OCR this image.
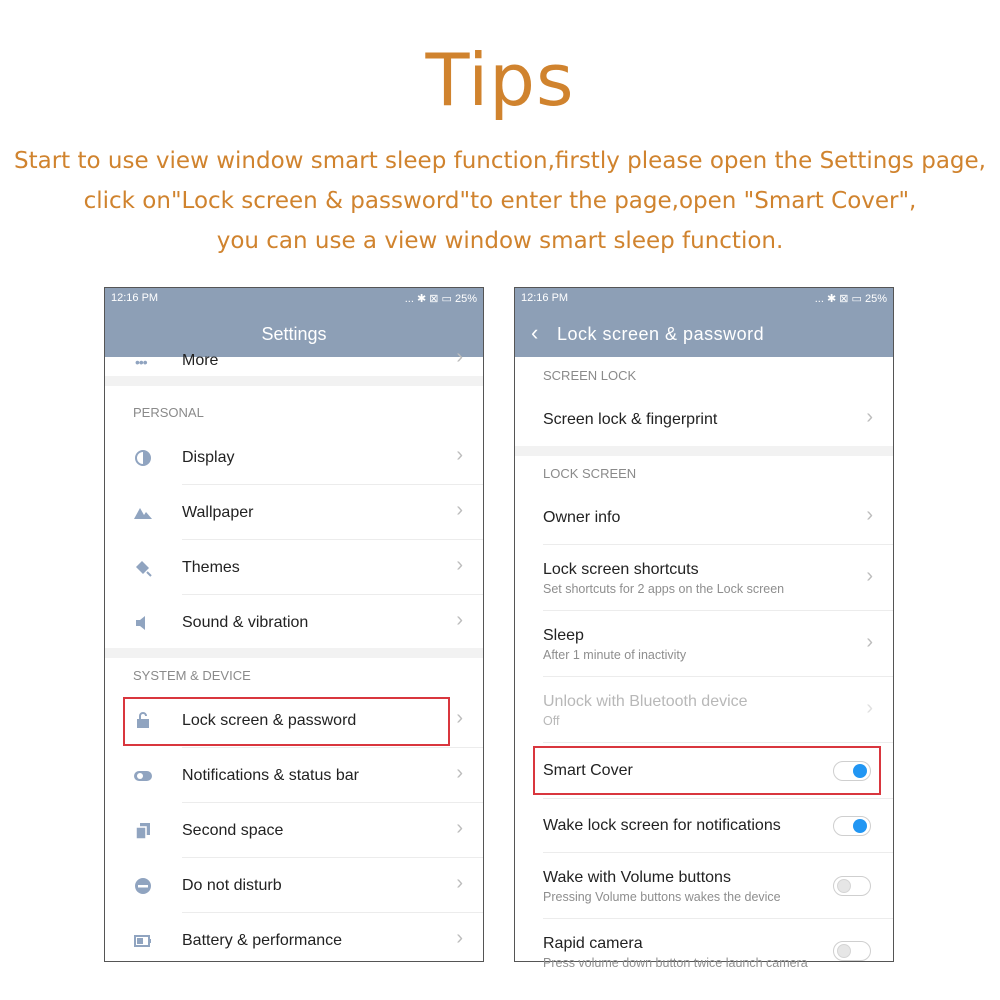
Tips
Start to use view window smart sleep function,firstly please open the Settings page,
click on"Lock screen & password"to enter the page,open "Smart Cover",
you can use a view window smart sleep function.
12:16 PM	... ✱ ⊠ ▭ 25%
Settings
••• More	›
PERSONAL
Display	›
Wallpaper	›
Themes	›
Sound & vibration	›
SYSTEM & DEVICE
Lock screen & password	›
Notifications & status bar	›
Second space	›
Do not disturb	›
Battery & performance	›
12:16 PM	... ✱ ⊠ ▭ 25%
‹ Lock screen & password
SCREEN LOCK
Screen lock & fingerprint	›
LOCK SCREEN
Owner info	›
Lock screen shortcuts
Set shortcuts for 2 apps on the Lock screen
›
Sleep
After 1 minute of inactivity
›
Unlock with Bluetooth device
Off
›
Smart Cover
Wake lock screen for notifications
Wake with Volume buttons
Pressing Volume buttons wakes the device
Rapid camera
Press volume down button twice launch camera
